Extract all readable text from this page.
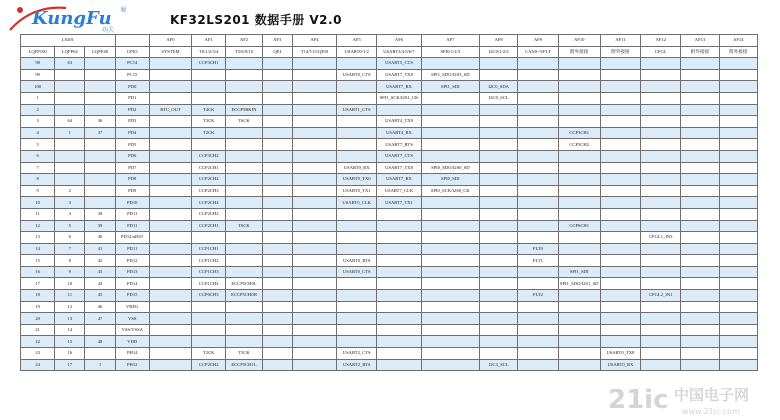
KungFu ®
功夫
KF32LS201 数据手册 V2.0
LS201				AF0	AF1	AF2	AF3	AF4	AF5	AF6	AF7	AF8	AF9	AF10	AF11	AF12	AF13	AF14
LQFP100	LQFP64	LQFP48	GPIO	SYSTEM	T0/1/2/3/4	T5/6/9/10	QEI	T14/T15/QEI0	USART0/1/2	USART3/4/5/6/7	SPI0/1/2/3	I2C0/1/2/3	CAN0~5/FLT	附外接接	附外接接	CFGL	附外接接	附外接接
98	63		PC14		CCP3CH1					USART5_CTS								
99			PC15						USART0_CTS	USART7_TX8	SPI1_SDO/I2S3_SD							
100			PD0							USART7_RX	SPI1_SDI	I2C0_SDA						
1			PD1							SPI1_SCK/I2S1_CK		I2C0_SCL						
2			PD2	RTC_OUT	T4CK	ECCP5BKIN			USART1_CTS									
3	64	36	PD3		T3CK	T6CK				USART4_TX8								
4	1	37	PD4		T2CK					USART4_RX				CCP3CH1				
5			PD5							USART7_RTS				CCP3CH2				
6			PD6		CCP3CH2					USART7_CTS								
7			PD7		CCP2CH1				USART0_RX	USART7_TX8	SPI0_SDO/I2S0_SD							
8			PD8		CCP2CH2				USART0_TX0	USART7_RX	SPI0_SDI							
9	2		PD9		CCP2CH3				USART0_TX1	USART7_CLK	SPI0_SCK/I2S0_CK							
10	3		PD10		CCP2CH4				USART0_CLK	USART7_TX1								
11	4	38	PD11		CCP2CH2													
12	5	39	PD11		CCP2CH1	T6CK								CCP6CH1				
13	6	40	PD12/nRST													CFGL1_IN3		
14	7	41	PD11		CCP1CH1								FLT0					
15	8	42	PD12		CCP1CH2				USART0_RTS				FLT1					
16	9	43	PD13		CCP1CH3				USART0_CTS					SPI1_SDI				
17	10	44	PD14		CCP1CH4	ECCP5CH0L								SPI1_SDO/I2S1_SD				
18	11	45	PD15		CCP0CH3	ECCP5CH0H							FLT2			CFGL2_IN1		
19	12	46	VREG															
20	13	47	VSS															
21	14		VSS/VSSA															
22	15	48	VDD															
23	16		PH14		T2CK	T5CK			USART2_CTS						USART0_TX8			
24	17	1	PH12		CCP2CH2	ECCP5CH1L			USART2_RTS			I2C3_SCL			USART0_RX			
21ic 中国电子网
www.21ic.com
